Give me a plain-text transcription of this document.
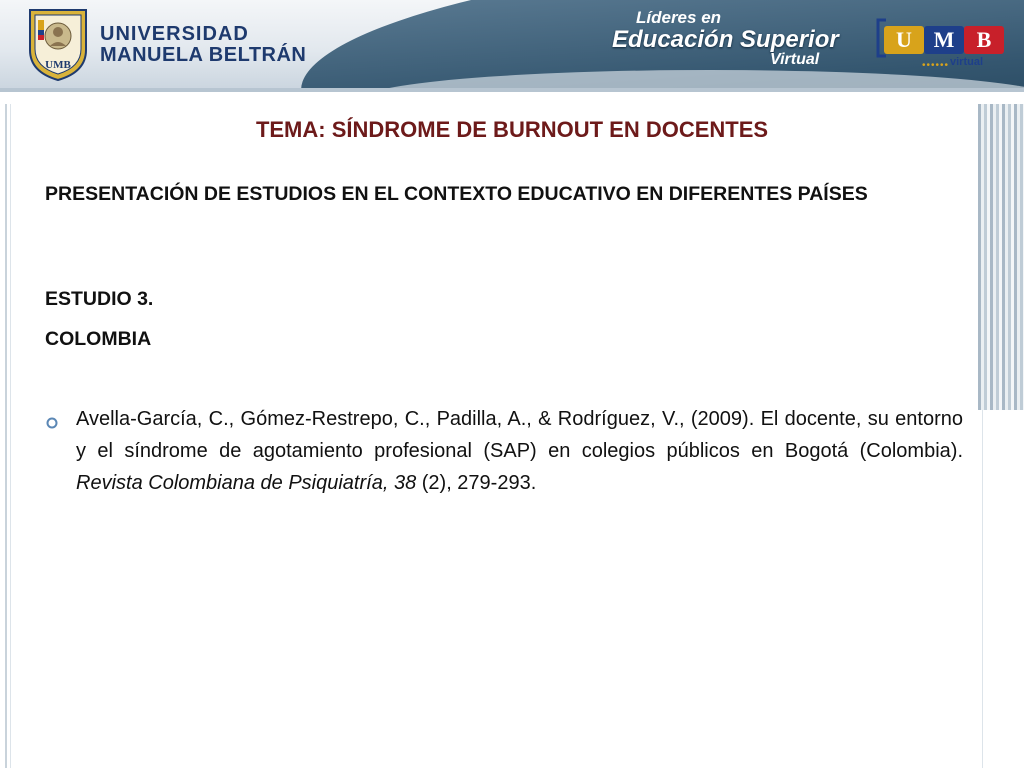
UMB
UNIVERSIDAD
MANUELA BELTRÁN
Líderes en
Educación Superior
Virtual
U M	B
•••••• virtual
TEMA: SÍNDROME DE BURNOUT EN DOCENTES
PRESENTACIÓN DE ESTUDIOS EN EL CONTEXTO EDUCATIVO EN DIFERENTES PAÍSES
ESTUDIO 3.
COLOMBIA
Avella-García, C., Gómez-Restrepo, C., Padilla, A., & Rodríguez, V., (2009). El docente, su entorno y el síndrome de agotamiento profesional (SAP) en colegios públicos en Bogotá (Colombia). Revista Colombiana de Psiquiatría, 38 (2), 279-293.
